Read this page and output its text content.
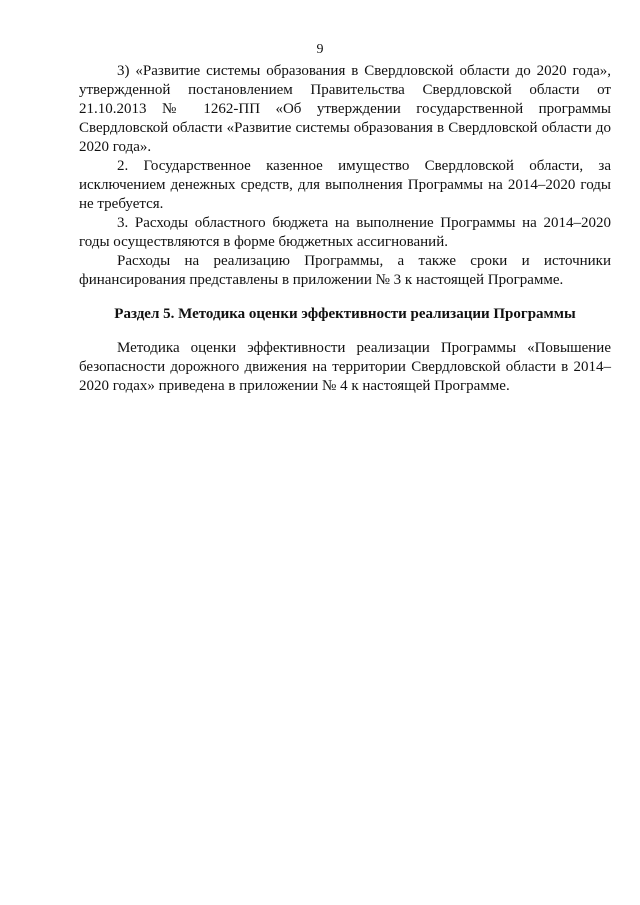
9

3) «Развитие системы образования в Свердловской области до 2020 года», утвержденной постановлением Правительства Свердловской области от 21.10.2013 № 1262-ПП «Об утверждении государственной программы Свердловской области «Развитие системы образования в Свердловской области до 2020 года».

2. Государственное казенное имущество Свердловской области, за исключением денежных средств, для выполнения Программы на 2014–2020 годы не требуется.

3. Расходы областного бюджета на выполнение Программы на 2014–2020 годы осуществляются в форме бюджетных ассигнований.

Расходы на реализацию Программы, а также сроки и источники финансирования представлены в приложении № 3 к настоящей Программе.

Раздел 5. Методика оценки эффективности реализации Программы

Методика оценки эффективности реализации Программы «Повышение безопасности дорожного движения на территории Свердловской области в 2014–2020 годах» приведена в приложении № 4 к настоящей Программе.
